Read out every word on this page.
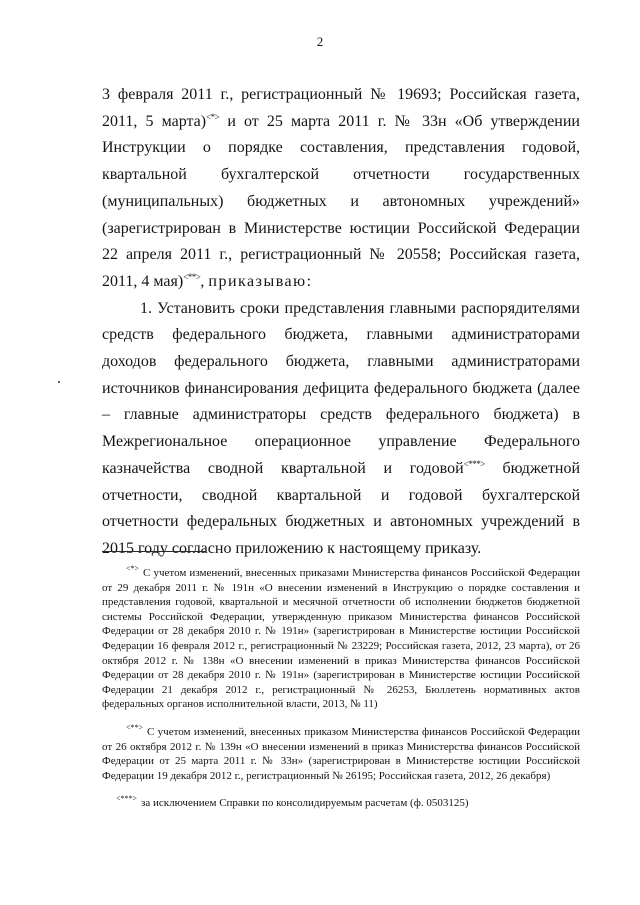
2

3 февраля 2011 г., регистрационный № 19693; Российская газета, 2011, 5 марта)<*> и от 25 марта 2011 г. № 33н «Об утверждении Инструкции о порядке составления, представления годовой, квартальной бухгалтерской отчетности государственных (муниципальных) бюджетных и автономных учреждений» (зарегистрирован в Министерстве юстиции Российской Федерации 22 апреля 2011 г., регистрационный № 20558; Российская газета, 2011, 4 мая)<**>, приказываю:

1. Установить сроки представления главными распорядителями средств федерального бюджета, главными администраторами доходов федерального бюджета, главными администраторами источников финансирования дефицита федерального бюджета (далее – главные администраторы средств федерального бюджета) в Межрегиональное операционное управление Федерального казначейства сводной квартальной и годовой<***> бюджетной отчетности, сводной квартальной и годовой бухгалтерской отчетности федеральных бюджетных и автономных учреждений в 2015 году согласно приложению к настоящему приказу.

<*> С учетом изменений, внесенных приказами Министерства финансов Российской Федерации от 29 декабря 2011 г. № 191н «О внесении изменений в Инструкцию о порядке составления и представления годовой, квартальной и месячной отчетности об исполнении бюджетов бюджетной системы Российской Федерации, утвержденную приказом Министерства финансов Российской Федерации от 28 декабря 2010 г. № 191н» (зарегистрирован в Министерстве юстиции Российской Федерации 16 февраля 2012 г., регистрационный № 23229; Российская газета, 2012, 23 марта), от 26 октября 2012 г. № 138н «О внесении изменений в приказ Министерства финансов Российской Федерации от 28 декабря 2010 г. № 191н» (зарегистрирован в Министерстве юстиции Российской Федерации 21 декабря 2012 г., регистрационный № 26253, Бюллетень нормативных актов федеральных органов исполнительной власти, 2013, № 11)

<**> С учетом изменений, внесенных приказом Министерства финансов Российской Федерации от 26 октября 2012 г. № 139н «О внесении изменений в приказ Министерства финансов Российской Федерации от 25 марта 2011 г. № 33н» (зарегистрирован в Министерстве юстиции Российской Федерации 19 декабря 2012 г., регистрационный № 26195; Российская газета, 2012, 26 декабря)

<***> за исключением Справки по консолидируемым расчетам (ф. 0503125)
